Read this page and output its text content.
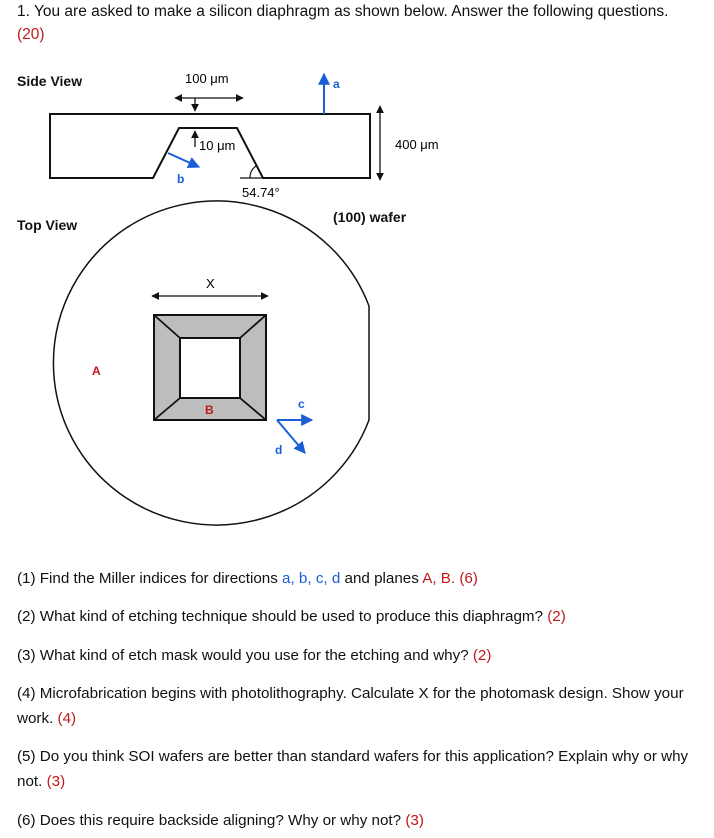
1. You are asked to make a silicon diaphragm as shown below. Answer the following questions.
(20)
Side View
Top View	(100) wafer
100 μm
10 μm	400 μm
54.74°
a
b
X
A
B	c
d

(1) Find the Miller indices for directions a, b, c, d and planes A, B. (6)

(2) What kind of etching technique should be used to produce this diaphragm? (2)

(3) What kind of etch mask would you use for the etching and why? (2)

(4) Microfabrication begins with photolithography. Calculate X for the photomask design. Show your work. (4)

(5) Do you think SOI wafers are better than standard wafers for this application? Explain why or why not. (3)

(6) Does this require backside aligning? Why or why not? (3)
